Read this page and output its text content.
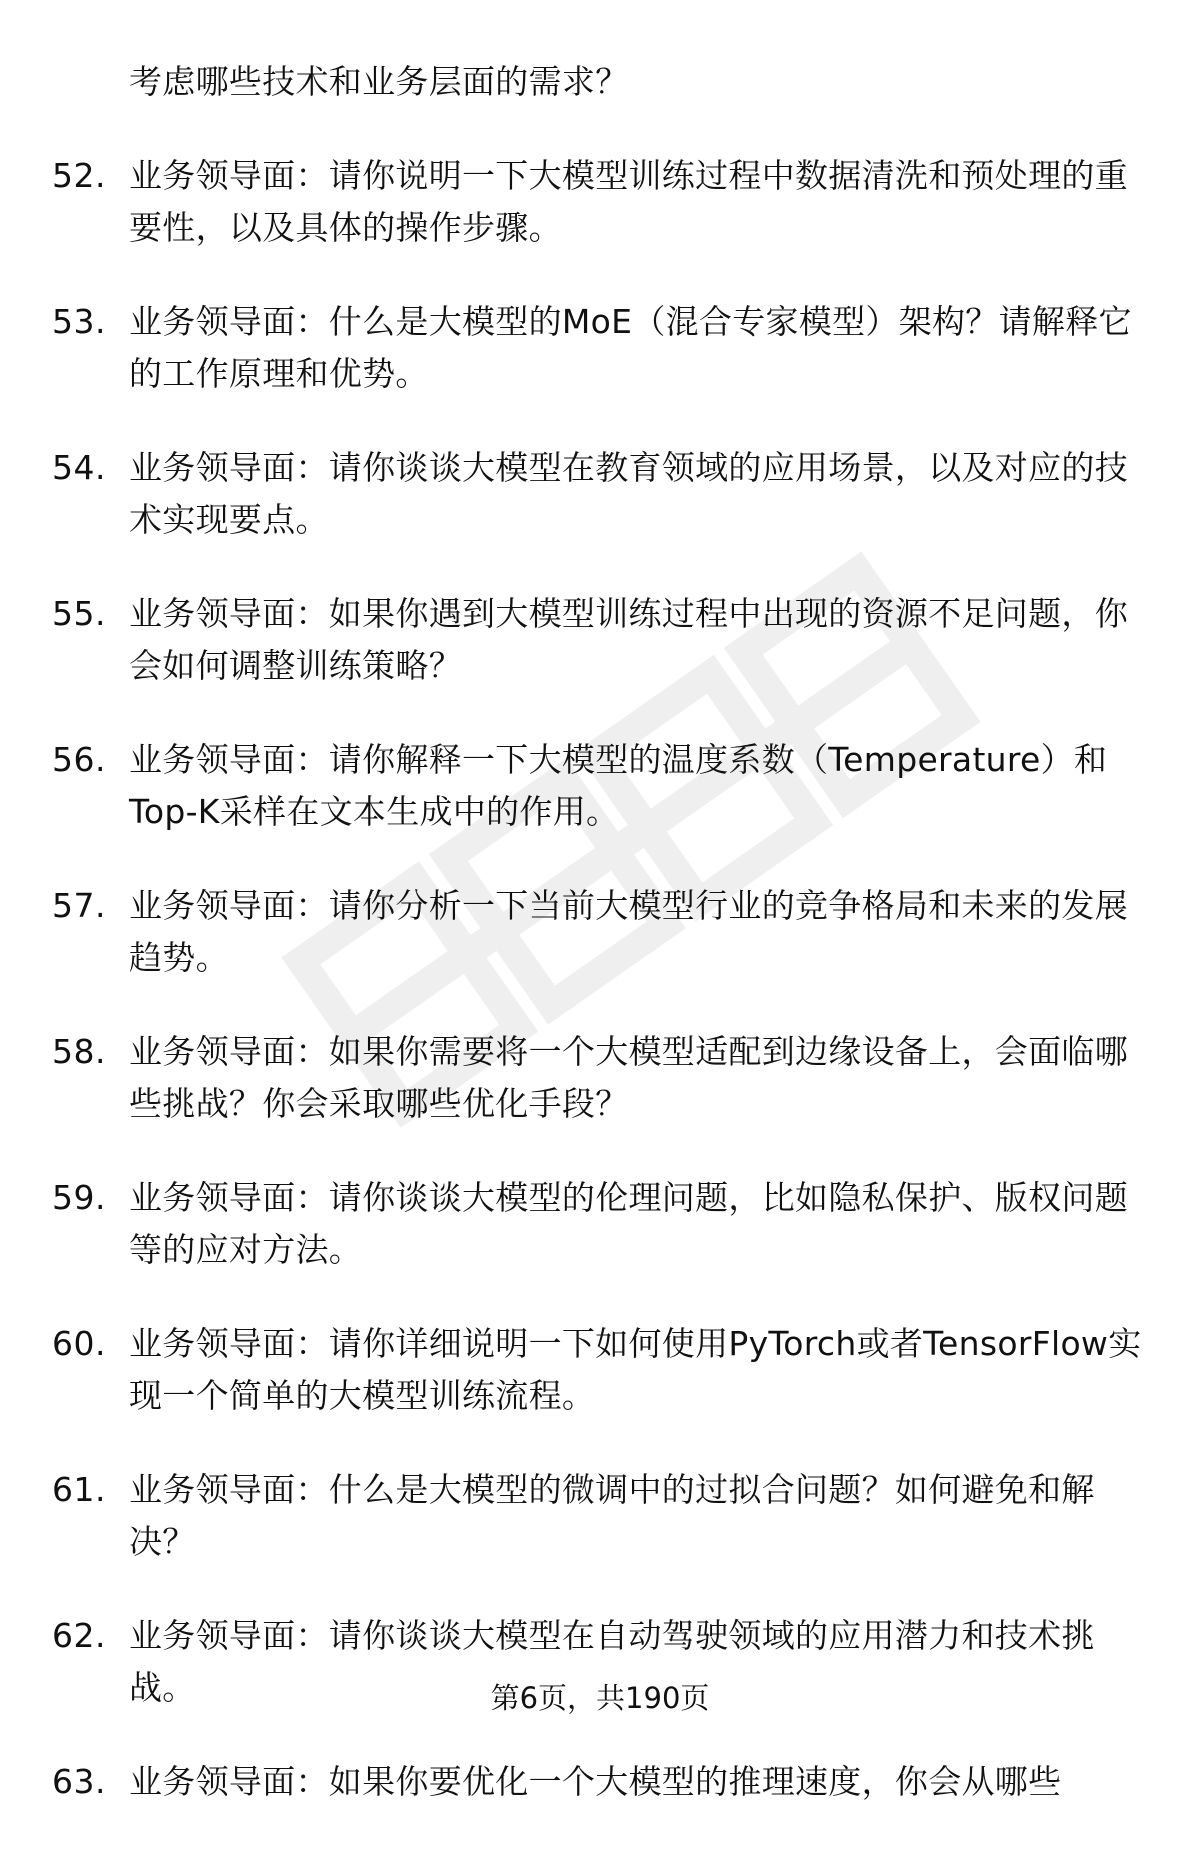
考虑哪些技术和业务层面的需求？
52. 业务领导面：请你说明一下大模型训练过程中数据清洗和预处理的重要性，以及具体的操作步骤。
53. 业务领导面：什么是大模型的MoE（混合专家模型）架构？请解释它的工作原理和优势。
54. 业务领导面：请你谈谈大模型在教育领域的应用场景，以及对应的技术实现要点。
55. 业务领导面：如果你遇到大模型训练过程中出现的资源不足问题，你会如何调整训练策略？
56. 业务领导面：请你解释一下大模型的温度系数（Temperature）和Top-K采样在文本生成中的作用。
57. 业务领导面：请你分析一下当前大模型行业的竞争格局和未来的发展趋势。
58. 业务领导面：如果你需要将一个大模型适配到边缘设备上，会面临哪些挑战？你会采取哪些优化手段？
59. 业务领导面：请你谈谈大模型的伦理问题，比如隐私保护、版权问题等的应对方法。
60. 业务领导面：请你详细说明一下如何使用PyTorch或者TensorFlow实现一个简单的大模型训练流程。
61. 业务领导面：什么是大模型的微调中的过拟合问题？如何避免和解决？
62. 业务领导面：请你谈谈大模型在自动驾驶领域的应用潜力和技术挑战。
63. 业务领导面：如果你要优化一个大模型的推理速度，你会从哪些
第6页，共190页
